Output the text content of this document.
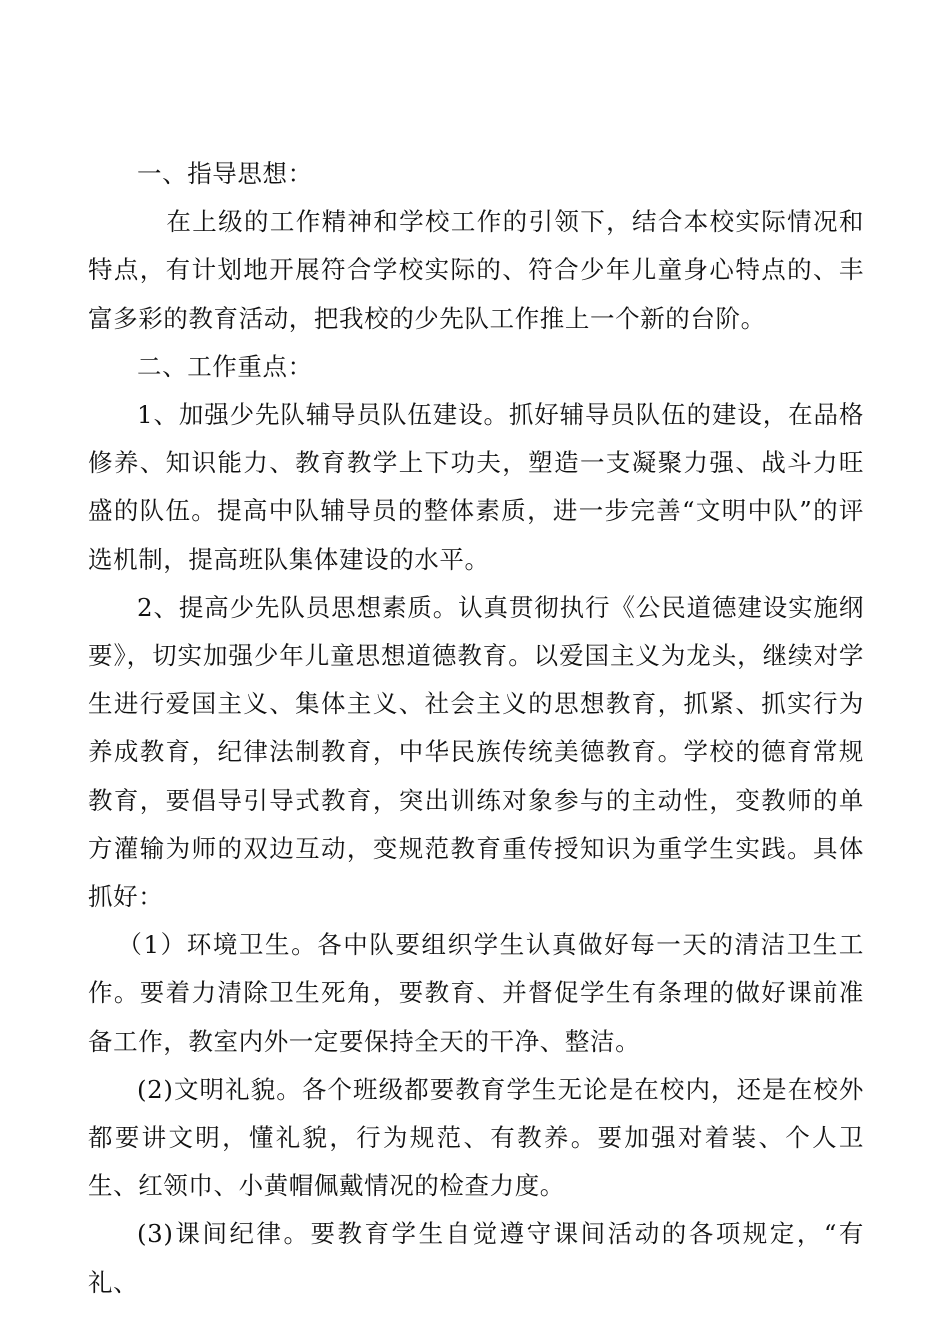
一、指导思想：

在上级的工作精神和学校工作的引领下，结合本校实际情况和特点，有计划地开展符合学校实际的、符合少年儿童身心特点的、丰富多彩的教育活动，把我校的少先队工作推上一个新的台阶。

二、工作重点：

1、加强少先队辅导员队伍建设。抓好辅导员队伍的建设，在品格修养、知识能力、教育教学上下功夫，塑造一支凝聚力强、战斗力旺盛的队伍。提高中队辅导员的整体素质，进一步完善“文明中队”的评选机制，提高班队集体建设的水平。

2、提高少先队员思想素质。认真贯彻执行《公民道德建设实施纲要》，切实加强少年儿童思想道德教育。以爱国主义为龙头，继续对学生进行爱国主义、集体主义、社会主义的思想教育，抓紧、抓实行为养成教育，纪律法制教育，中华民族传统美德教育。学校的德育常规教育，要倡导引导式教育，突出训练对象参与的主动性，变教师的单方灌输为师的双边互动，变规范教育重传授知识为重学生实践。具体抓好：

（1）环境卫生。各中队要组织学生认真做好每一天的清洁卫生工作。要着力清除卫生死角，要教育、并督促学生有条理的做好课前准备工作，教室内外一定要保持全天的干净、整洁。

(2)文明礼貌。各个班级都要教育学生无论是在校内，还是在校外都要讲文明，懂礼貌，行为规范、有教养。要加强对着装、个人卫生、红领巾、小黄帽佩戴情况的检查力度。

(3)课间纪律。要教育学生自觉遵守课间活动的各项规定，“有礼、
